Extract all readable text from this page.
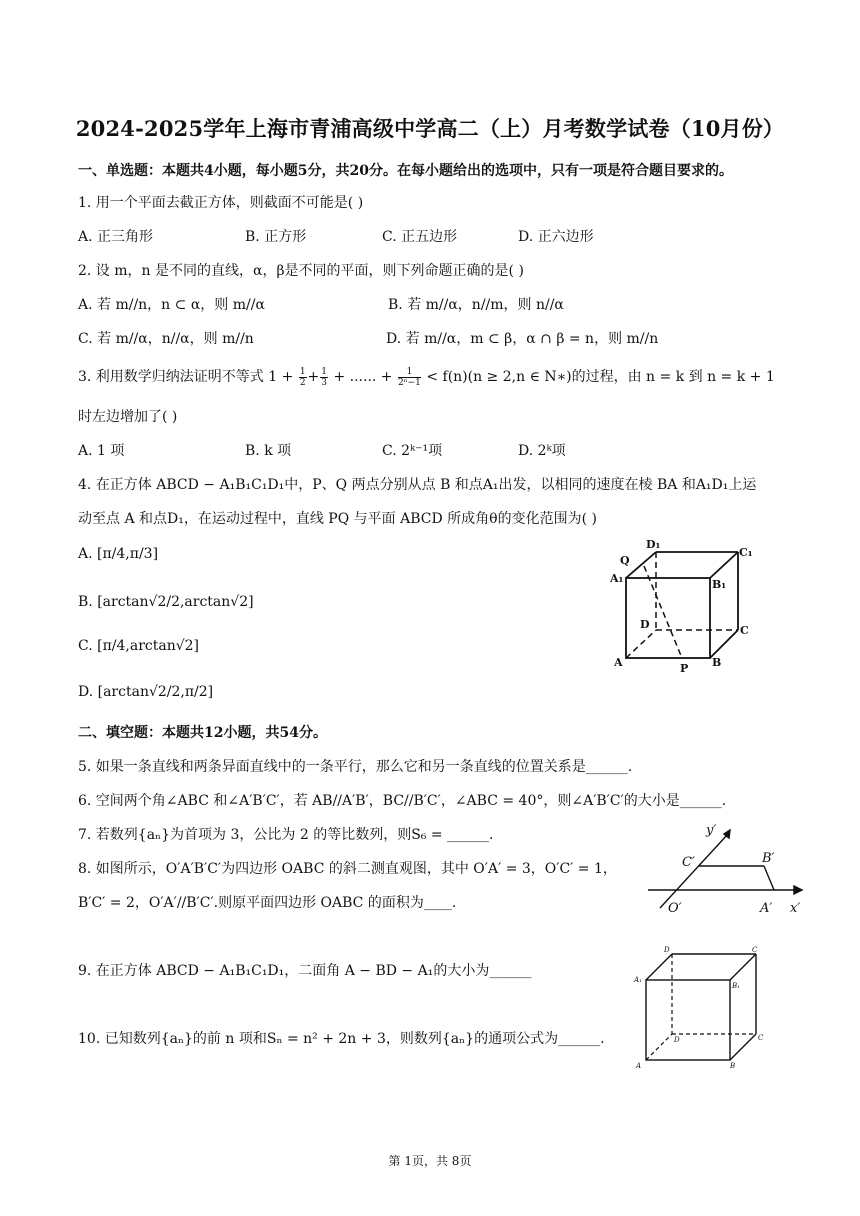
2024-2025学年上海市青浦高级中学高二（上）月考数学试卷（10月份）
一、单选题：本题共4小题，每小题5分，共20分。在每小题给出的选项中，只有一项是符合题目要求的。
1. 用一个平面去截正方体，则截面不可能是( )
A. 正三角形	B. 正方形	C. 正五边形	D. 正六边形
2. 设 m，n 是不同的直线，α，β是不同的平面，则下列命题正确的是( )
A. 若 m//n，n ⊂ α，则 m//α	B. 若 m//α，n//m，则 n//α
C. 若 m//α，n//α，则 m//n	D. 若 m//α，m ⊂ β，α ∩ β = n，则 m//n
3. 利用数学归纳法证明不等式 $1 + \frac{1}{2} + \frac{1}{3}$ + ...... + $\frac{1}{\text{2ⁿ−1}} < f(n)(n \ge 2,n$ ∈ N∗)的过程，由 n = k 到 n = k + 1
时左边增加了( )
A. 1 项	B. k 项	C. 2ᵏ⁻¹项	D. 2ᵏ项
4. 在正方体 ABCD − A₁B₁C₁D₁中，P、Q 两点分别从点 B 和点A₁出发，以相同的速度在棱 BA 和A₁D₁上运
动至点 A 和点D₁，在运动过程中，直线 PQ 与平面 ABCD 所成角θ的变化范围为( )
A. [π/4,π/3]
B. [arctan√2/2,arctan√2]
C. [π/4,arctan√2]
D. [arctan√2/2,π/2]
Q
D₁
C₁
A₁	B₁
D	C
A	P B
二、填空题：本题共12小题，共54分。
5. 如果一条直线和两条异面直线中的一条平行，那么它和另一条直线的位置关系是______.
6. 空间两个角∠ABC 和∠A′B′C′，若 AB//A′B′，BC//B′C′，∠ABC = 40°，则∠A′B′C′的大小是______.
7. 若数列{aₙ}为首项为 3，公比为 2 的等比数列，则S₆ = ______.
8. 如图所示，O′A′B′C′为四边形 OABC 的斜二测直观图，其中 O′A′ = 3，O′C′ = 1，
B′C′ = 2，O′A′//B′C′.则原平面四边形 OABC 的面积为____.
y′
C′	B′
O′	A′ x′
9. 在正方体 ABCD − A₁B₁C₁D₁，二面角 A − BD − A₁的大小为______
10. 已知数列{aₙ}的前 n 项和Sₙ = n² + 2n + 3，则数列{aₙ}的通项公式为______.
D	C
A₁
B₁
D	C
A	B
第 1页，共 8页
